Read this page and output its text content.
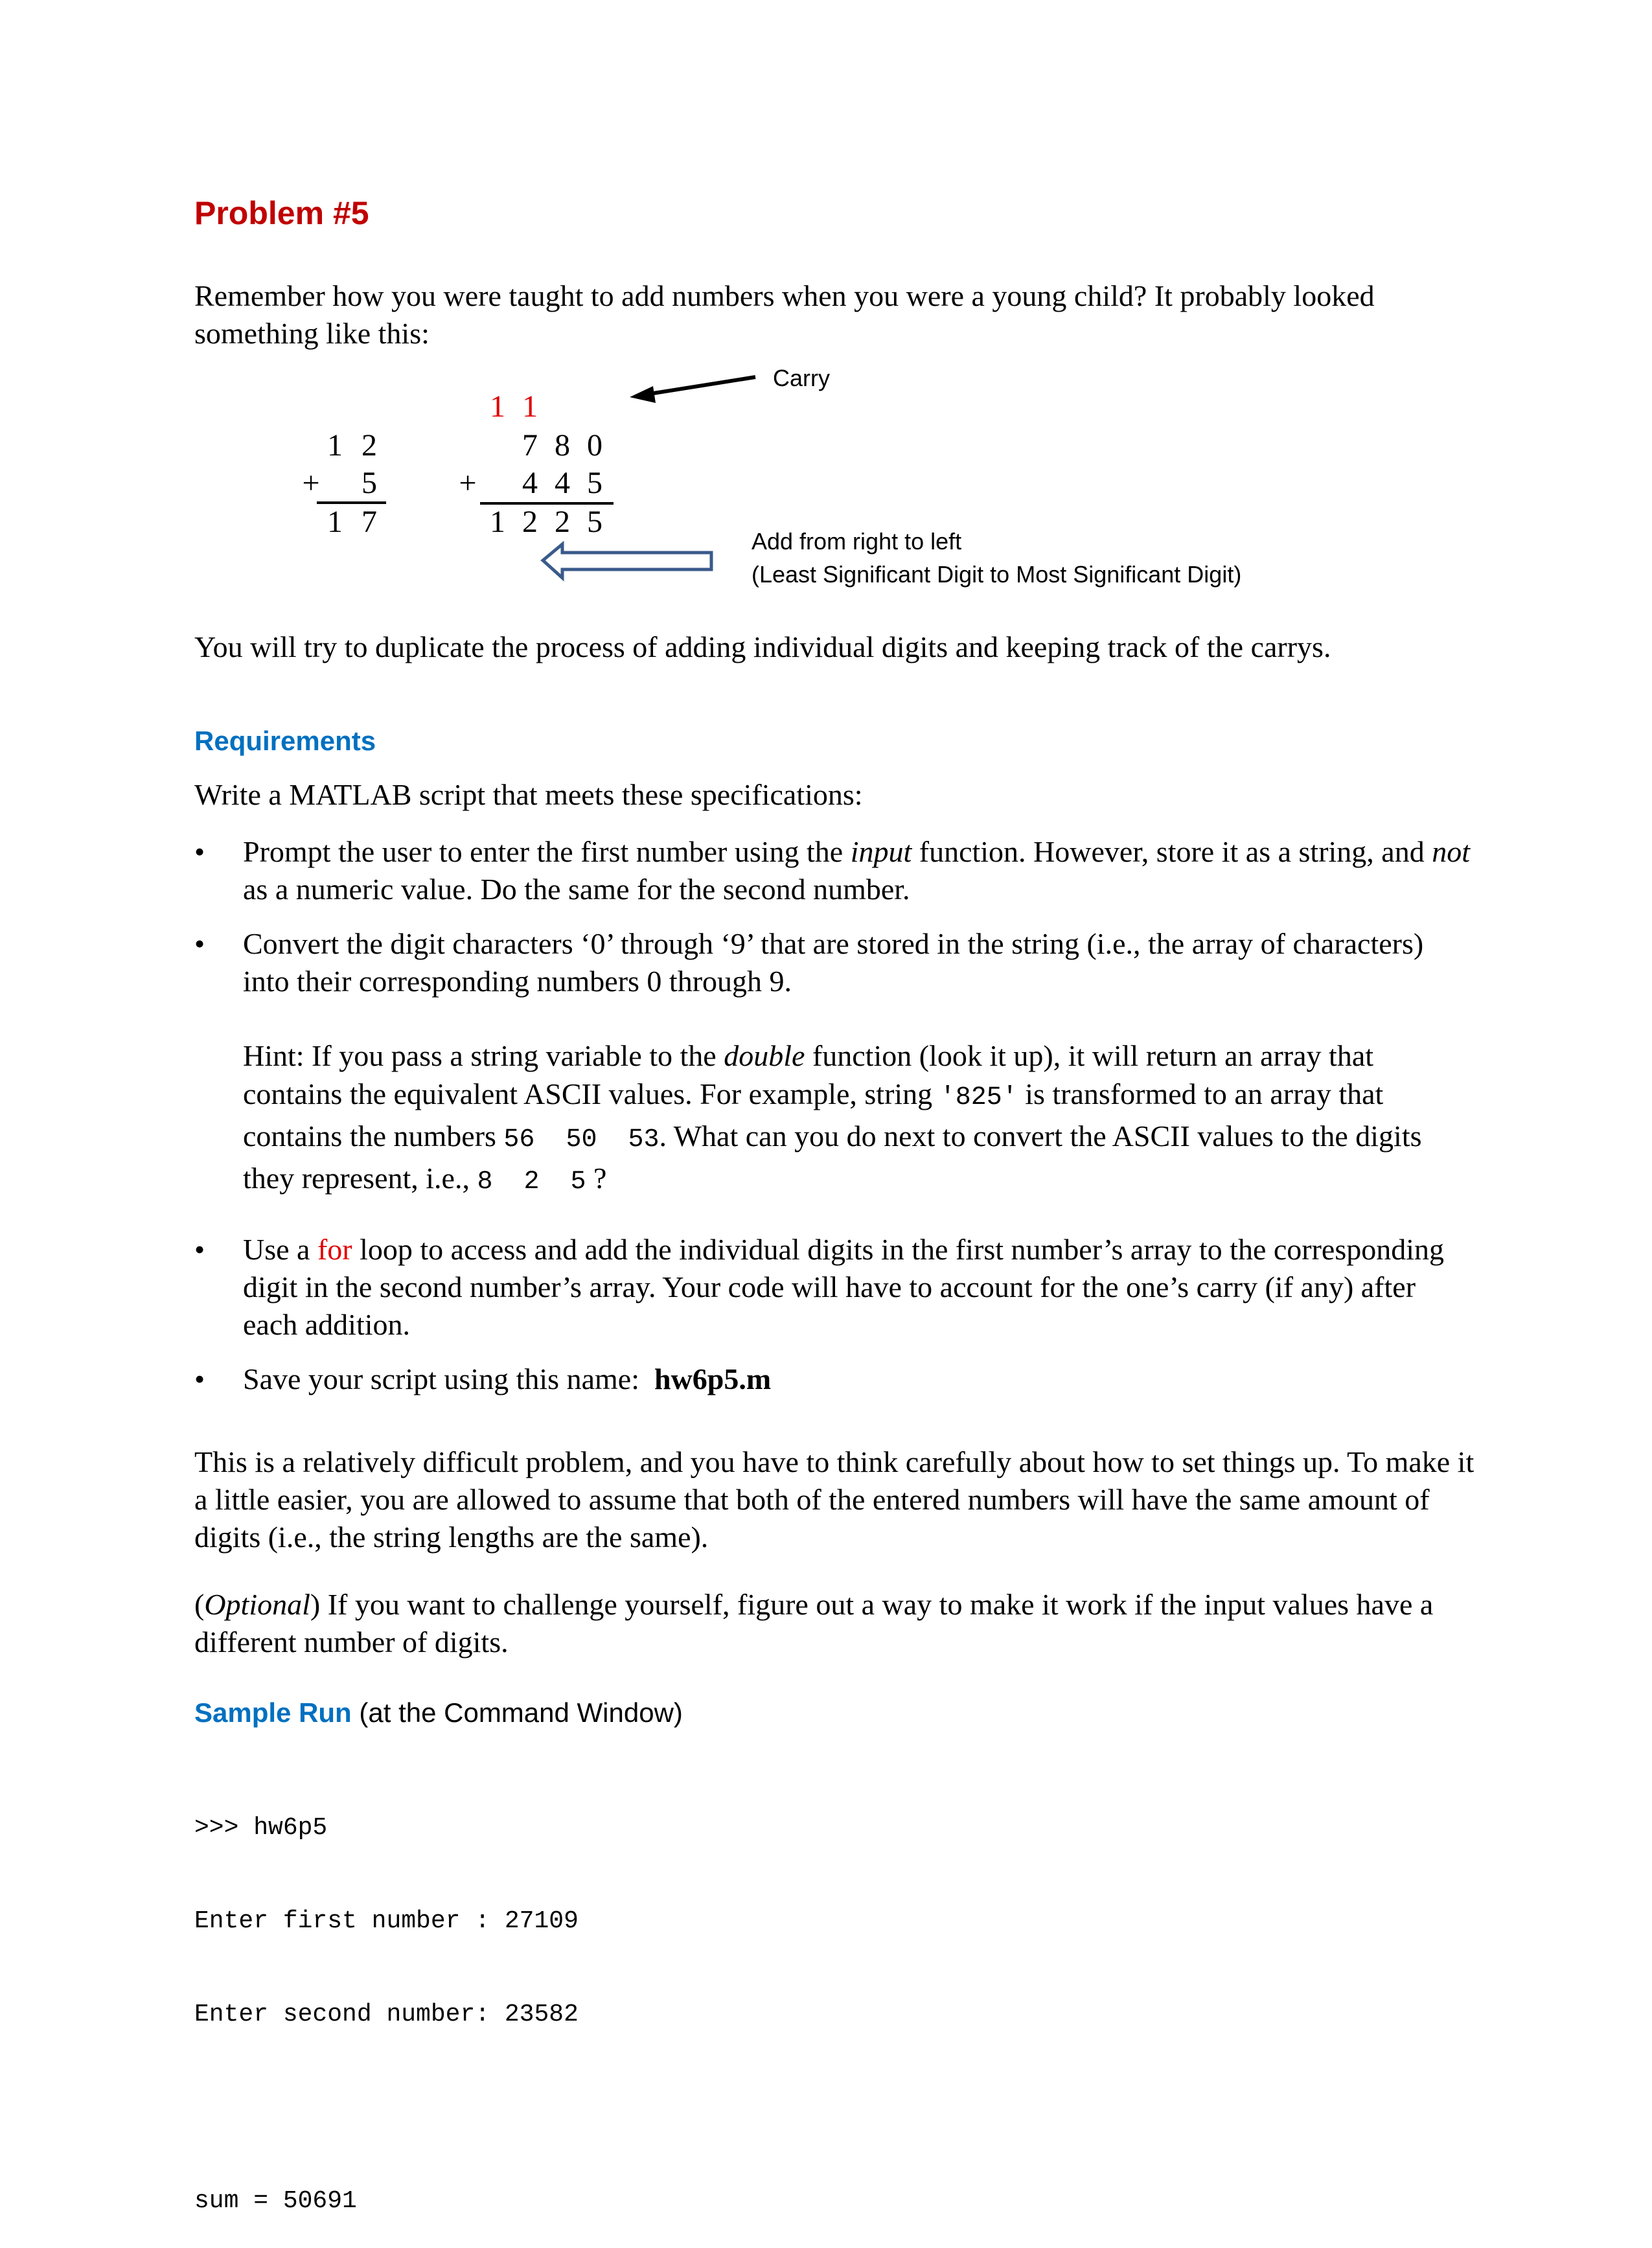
Problem #5
Remember how you were taught to add numbers when you were a young child? It probably looked something like this:
1 2
+ 5
1 7
1 1
7 8 0
+ 4 4 5
1 2 2 5
Carry
Add from right to left
(Least Significant Digit to Most Significant Digit)
You will try to duplicate the process of adding individual digits and keeping track of the carrys.
Requirements
Write a MATLAB script that meets these specifications:
• Prompt the user to enter the first number using the input function. However, store it as a string, and not as a numeric value. Do the same for the second number.
• Convert the digit characters ‘0’ through ‘9’ that are stored in the string (i.e., the array of characters) into their corresponding numbers 0 through 9.
Hint: If you pass a string variable to the double function (look it up), it will return an array that contains the equivalent ASCII values. For example, string '825' is transformed to an array that contains the numbers 56  50  53. What can you do next to convert the ASCII values to the digits they represent, i.e., 8  2  5 ?
• Use a for loop to access and add the individual digits in the first number’s array to the corresponding digit in the second number’s array. Your code will have to account for the one’s carry (if any) after each addition.
• Save your script using this name:  hw6p5.m
This is a relatively difficult problem, and you have to think carefully about how to set things up. To make it a little easier, you are allowed to assume that both of the entered numbers will have the same amount of digits (i.e., the string lengths are the same).
(Optional) If you want to challenge yourself, figure out a way to make it work if the input values have a different number of digits.
Sample Run (at the Command Window)

>>> hw6p5

Enter first number : 27109

Enter second number: 23582

sum = 50691
